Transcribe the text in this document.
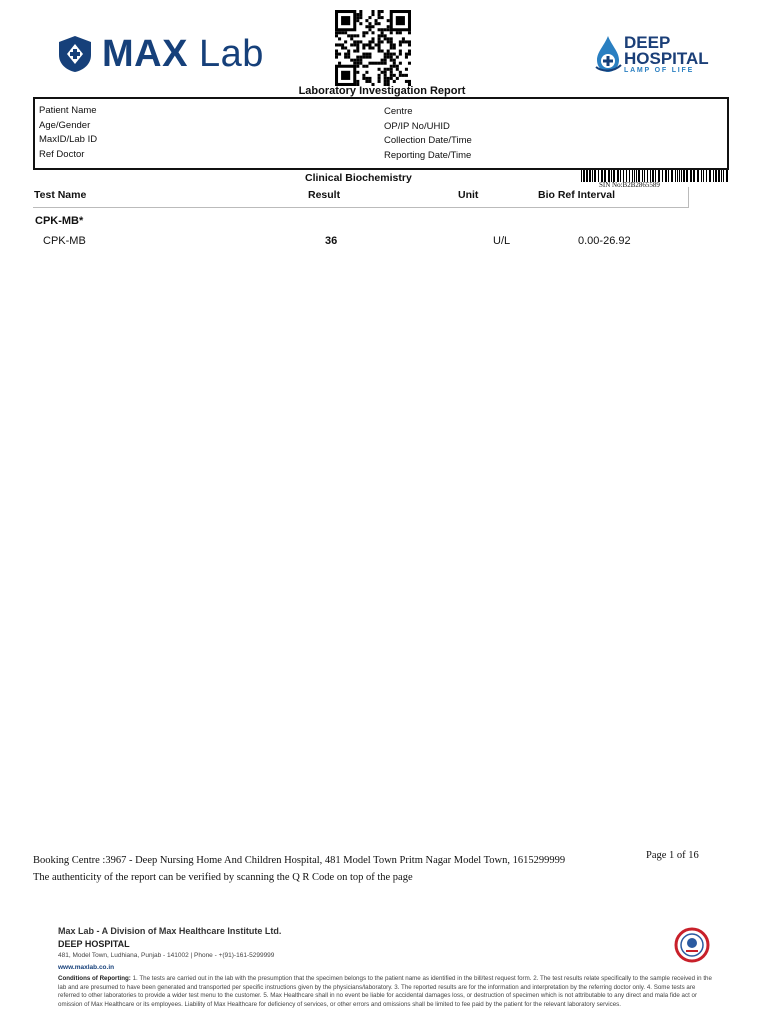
MAX Lab	DEEP
HOSPITAL
LAMP OF LIFE
Laboratory Investigation Report
Patient Name
Age/Gender
MaxID/Lab ID
Ref Doctor
Centre
OP/IP No/UHID
Collection Date/Time
Reporting Date/Time
SIN No:B2B2865589
Clinical Biochemistry
Test Name	Result	Unit	Bio Ref Interval
CPK-MB*
CPK-MB	36	U/L	0.00-26.92
Booking Centre :3967 - Deep Nursing Home And Children Hospital, 481 Model Town Pritm Nagar Model Town, 1615299999
The authenticity of the report can be verified by scanning the Q R Code on top of the page
Page 1 of 16
Max Lab - A Division of Max Healthcare Institute Ltd.
DEEP HOSPITAL
481, Model Town, Ludhiana, Punjab - 141002 | Phone - +(91)-161-5299999
www.maxlab.co.in
Conditions of Reporting: 1. The tests are carried out in the lab with the presumption that the specimen belongs to the patient name as identified in the bill/test request form. 2. The test results relate specifically to the sample received in the lab and are presumed to have been generated and transported per specific instructions given by the physicians/laboratory. 3. The reported results are for the information and interpretation by the referring doctor only. 4. Some tests are referred to other laboratories to provide a wider test menu to the customer. 5. Max Healthcare shall in no event be liable for accidental damages loss, or destruction of specimen which is not attributable to any direct and mala fide act or omission of Max Healthcare or its employees. Liability of Max Healthcare for deficiency of services, or other errors and omissions shall be limited to fee paid by the patient for the relevant laboratory services.
